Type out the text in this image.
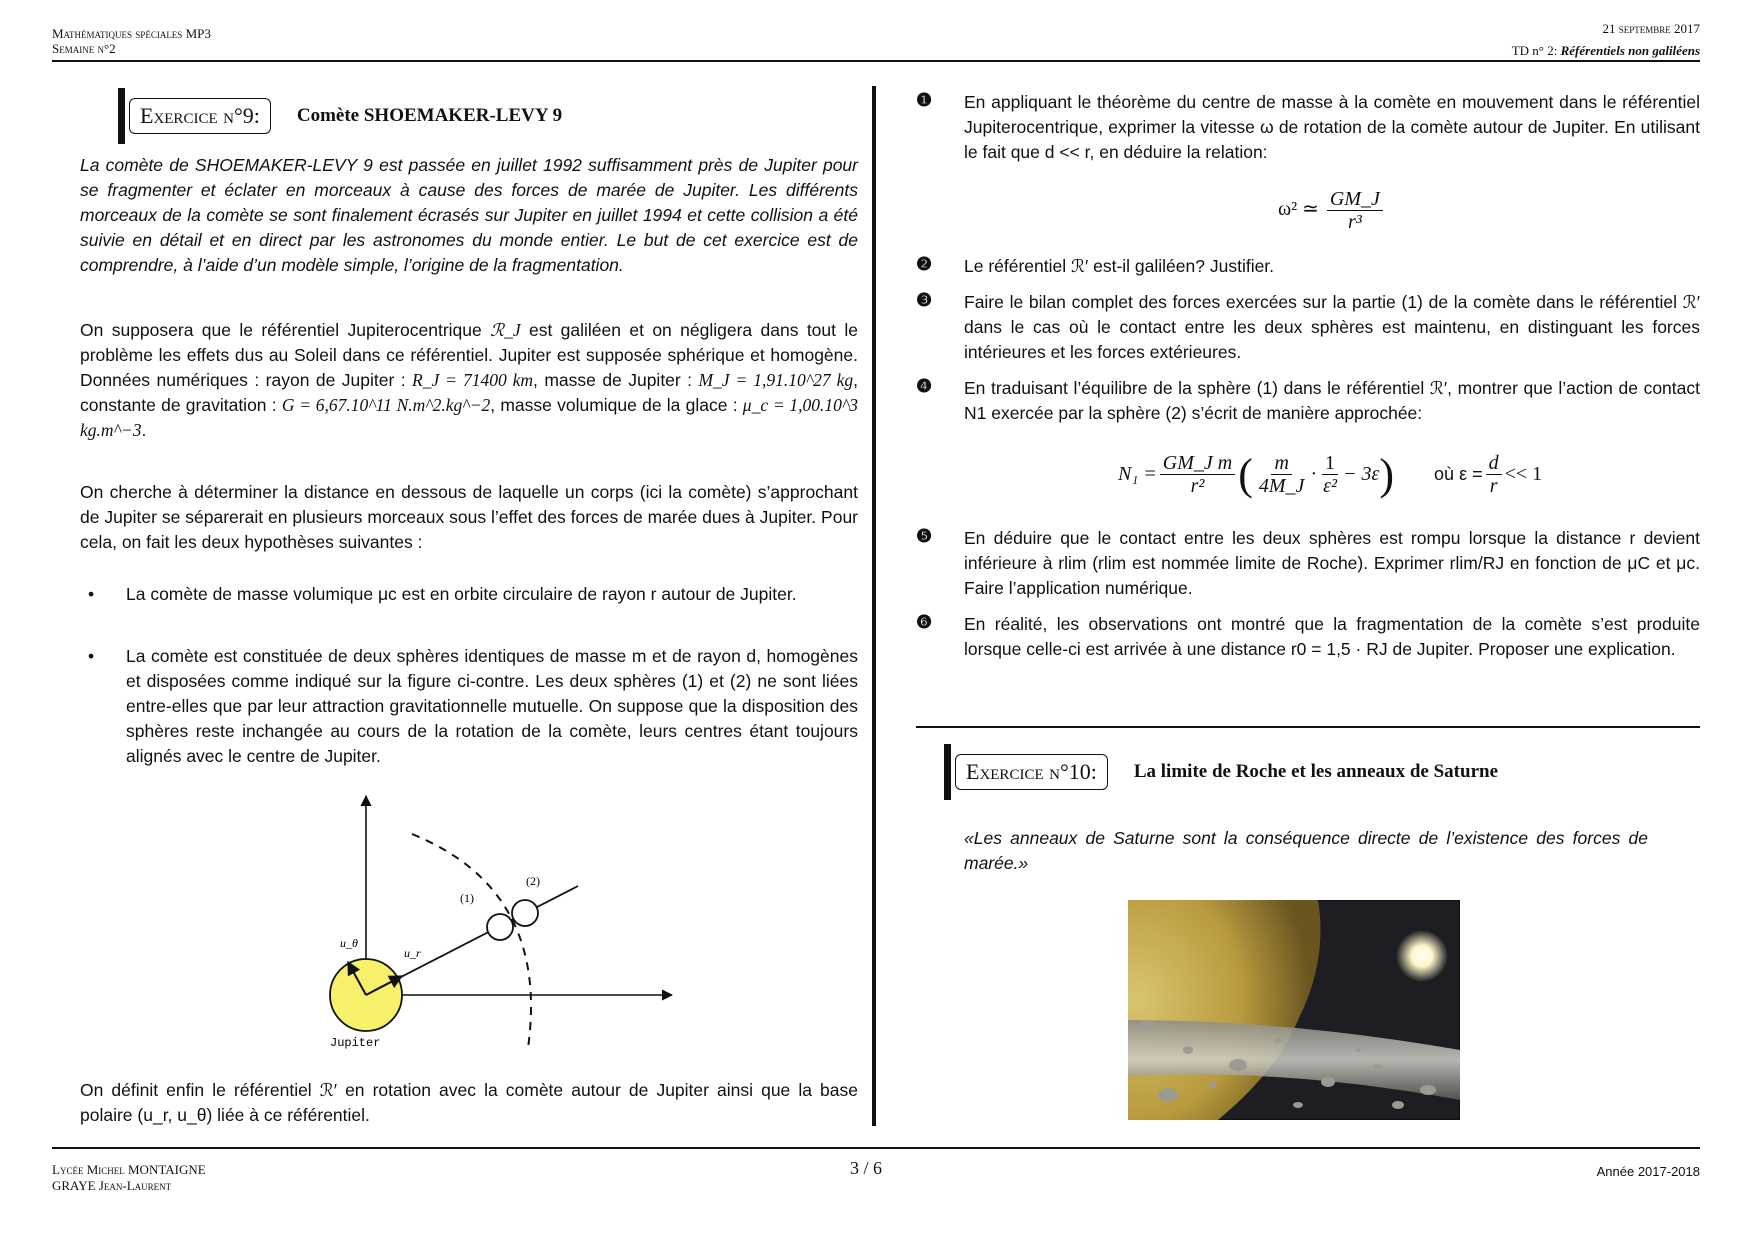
Mathématiques spéciales MP3
Semaine n°2
21 septembre 2017
TD n° 2: Référentiels non galiléens
Exercice n°9:	Comète SHOEMAKER-LEVY 9

La comète de SHOEMAKER-LEVY 9 est passée en juillet 1992 suffisamment près de Jupiter pour se fragmenter et éclater en morceaux à cause des forces de marée de Jupiter. Les différents morceaux de la comète se sont finalement écrasés sur Jupiter en juillet 1994 et cette collision a été suivie en détail et en direct par les astronomes du monde entier. Le but de cet exercice est de comprendre, à l’aide d’un modèle simple, l’origine de la fragmentation.

On supposera que le référentiel Jupiterocentrique ℛ_J est galiléen et on négligera dans tout le problème les effets dus au Soleil dans ce référentiel. Jupiter est supposée sphérique et homogène. Données numériques : rayon de Jupiter : R_J = 71400 km, masse de Jupiter : M_J = 1,91.10^27 kg, constante de gravitation : G = 6,67.10^11 N.m^2.kg^−2, masse volumique de la glace : μ_c = 1,00.10^3 kg.m^−3.

On cherche à déterminer la distance en dessous de laquelle un corps (ici la comète) s’approchant de Jupiter se séparerait en plusieurs morceaux sous l’effet des forces de marée dues à Jupiter. Pour cela, on fait les deux hypothèses suivantes :

• La comète de masse volumique μc est en orbite circulaire de rayon r autour de Jupiter.
• La comète est constituée de deux sphères identiques de masse m et de rayon d, homogènes et disposées comme indiqué sur la figure ci-contre. Les deux sphères (1) et (2) ne sont liées entre-elles que par leur attraction gravitationnelle mutuelle. On suppose que la disposition des sphères reste inchangée au cours de la rotation de la comète, leurs centres étant toujours alignés avec le centre de Jupiter.
(1)
(2)
u_r
u_θ
Jupiter

On définit enfin le référentiel ℛ′ en rotation avec la comète autour de Jupiter ainsi que la base polaire (u_r, u_θ) liée à ce référentiel.

❶ En appliquant le théorème du centre de masse à la comète en mouvement dans le référentiel Jupiterocentrique, exprimer la vitesse ω de rotation de la comète autour de Jupiter. En utilisant le fait que d << r, en déduire la relation:
ω² ≃ $\frac{GM\_J}{\text{r³}}$
❷ Le référentiel ℛ′ est-il galiléen? Justifier.
❸ Faire le bilan complet des forces exercées sur la partie (1) de la comète dans le référentiel ℛ′ dans le cas où le contact entre les deux sphères est maintenu, en distinguant les forces intérieures et les forces extérieures.
❹ En traduisant l’équilibre de la sphère (1) dans le référentiel ℛ′, montrer que l’action de contact N1 exercée par la sphère (2) s’écrit de manière approchée:
$N_1 = \frac{\text{GM\_J m}}{\text{r²}}$ ( $\frac{m}{4M\_J} \cdot \frac{1}{\text{ε²}} - 3\varepsilon$ ) où $\varepsilon = \frac{d}{r} << 1$
❺ En déduire que le contact entre les deux sphères est rompu lorsque la distance r devient inférieure à rlim (rlim est nommée limite de Roche). Exprimer rlim/RJ en fonction de μC et μc. Faire l’application numérique.
❻ En réalité, les observations ont montré que la fragmentation de la comète s’est produite lorsque celle-ci est arrivée à une distance r0 = 1,5 · RJ de Jupiter. Proposer une explication.
Exercice n°10:	La limite de Roche et les anneaux de Saturne

«Les anneaux de Saturne sont la conséquence directe de l’existence des forces de marée.»

Lycée Michel MONTAIGNE
GRAYE Jean-Laurent
3 / 6	Année 2017-2018
